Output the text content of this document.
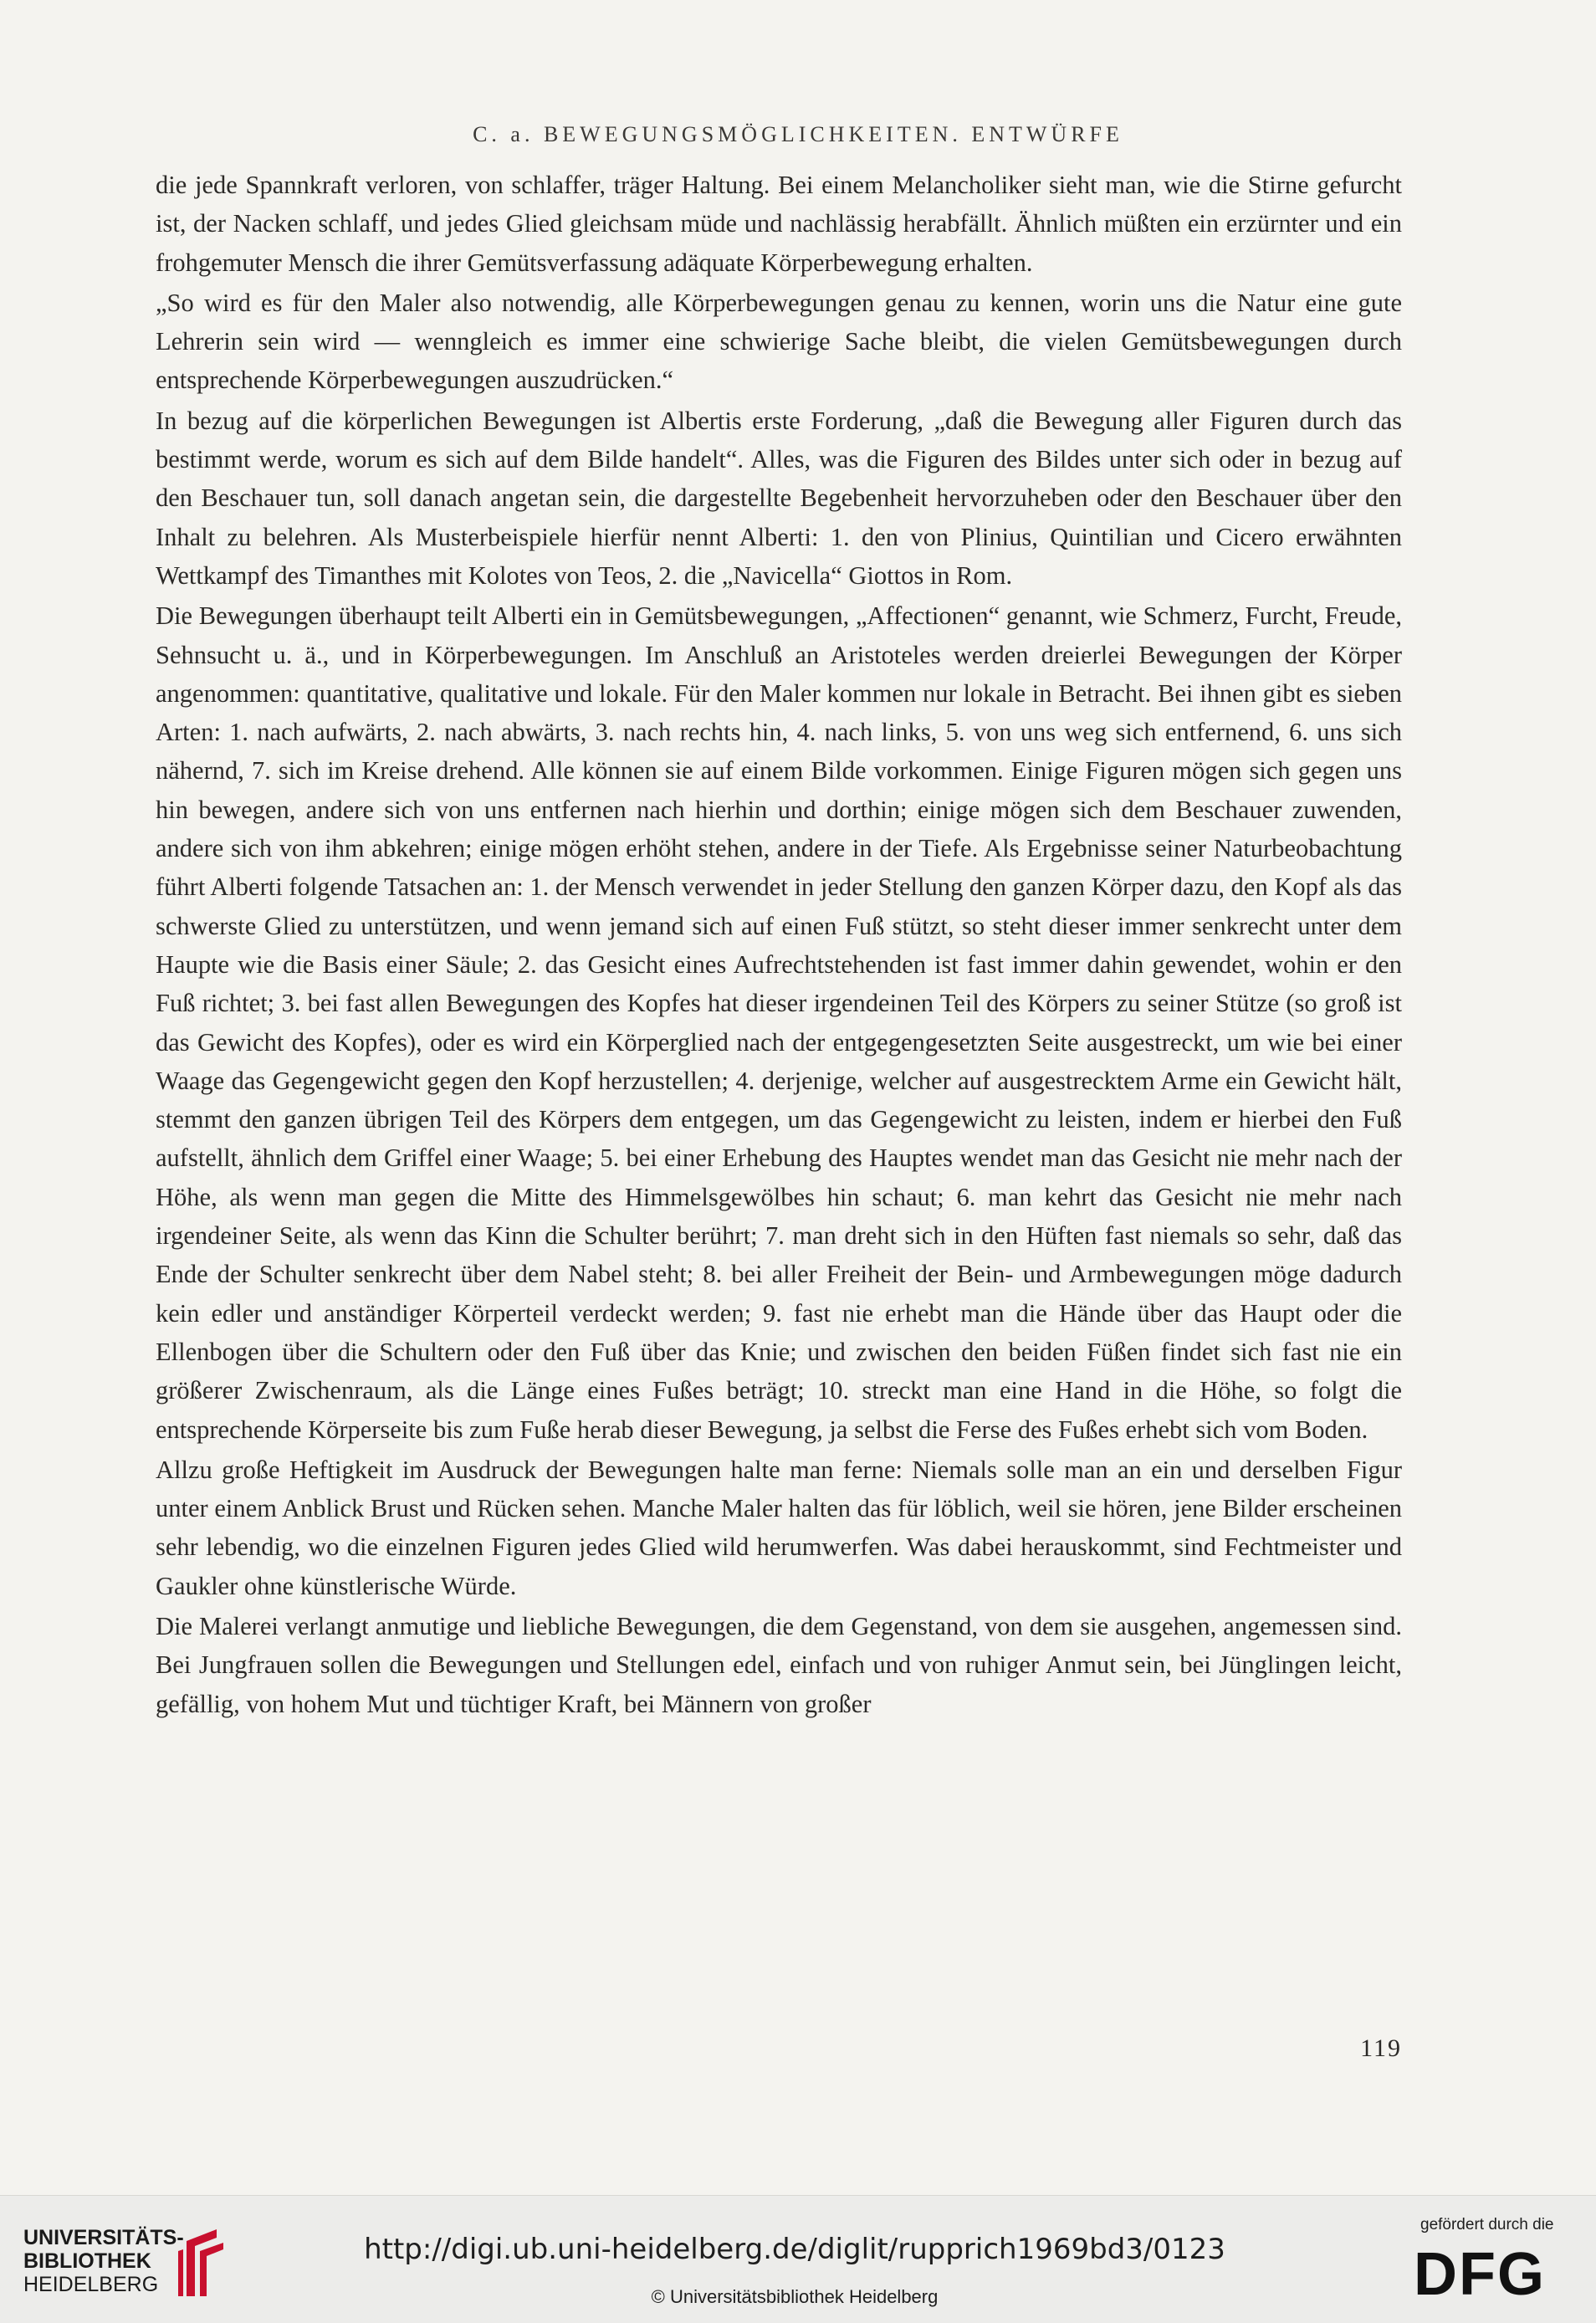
C. a. BEWEGUNGSMÖGLICHKEITEN. ENTWÜRFE

die jede Spannkraft verloren, von schlaffer, träger Haltung. Bei einem Melancholiker sieht man, wie die Stirne gefurcht ist, der Nacken schlaff, und jedes Glied gleichsam müde und nachlässig herabfällt. Ähnlich müßten ein erzürnter und ein frohgemuter Mensch die ihrer Gemütsverfassung adäquate Körperbewegung erhalten.

„So wird es für den Maler also notwendig, alle Körperbewegungen genau zu kennen, worin uns die Natur eine gute Lehrerin sein wird — wenngleich es immer eine schwierige Sache bleibt, die vielen Gemütsbewegungen durch entsprechende Körperbewegungen auszudrücken.“

In bezug auf die körperlichen Bewegungen ist Albertis erste Forderung, „daß die Bewegung aller Figuren durch das bestimmt werde, worum es sich auf dem Bilde handelt“. Alles, was die Figuren des Bildes unter sich oder in bezug auf den Beschauer tun, soll danach angetan sein, die dargestellte Begebenheit hervorzuheben oder den Beschauer über den Inhalt zu belehren. Als Musterbeispiele hierfür nennt Alberti: 1. den von Plinius, Quintilian und Cicero erwähnten Wettkampf des Timanthes mit Kolotes von Teos, 2. die „Navicella“ Giottos in Rom.

Die Bewegungen überhaupt teilt Alberti ein in Gemütsbewegungen, „Affectionen“ genannt, wie Schmerz, Furcht, Freude, Sehnsucht u. ä., und in Körperbewegungen. Im Anschluß an Aristoteles werden dreierlei Bewegungen der Körper angenommen: quantitative, qualitative und lokale. Für den Maler kommen nur lokale in Betracht. Bei ihnen gibt es sieben Arten: 1. nach aufwärts, 2. nach abwärts, 3. nach rechts hin, 4. nach links, 5. von uns weg sich entfernend, 6. uns sich nähernd, 7. sich im Kreise drehend. Alle können sie auf einem Bilde vorkommen. Einige Figuren mögen sich gegen uns hin bewegen, andere sich von uns entfernen nach hierhin und dorthin; einige mögen sich dem Beschauer zuwenden, andere sich von ihm abkehren; einige mögen erhöht stehen, andere in der Tiefe. Als Ergebnisse seiner Naturbeobachtung führt Alberti folgende Tatsachen an: 1. der Mensch verwendet in jeder Stellung den ganzen Körper dazu, den Kopf als das schwerste Glied zu unterstützen, und wenn jemand sich auf einen Fuß stützt, so steht dieser immer senkrecht unter dem Haupte wie die Basis einer Säule; 2. das Gesicht eines Aufrechtstehenden ist fast immer dahin gewendet, wohin er den Fuß richtet; 3. bei fast allen Bewegungen des Kopfes hat dieser irgendeinen Teil des Körpers zu seiner Stütze (so groß ist das Gewicht des Kopfes), oder es wird ein Körperglied nach der entgegengesetzten Seite ausgestreckt, um wie bei einer Waage das Gegengewicht gegen den Kopf herzustellen; 4. derjenige, welcher auf ausgestrecktem Arme ein Gewicht hält, stemmt den ganzen übrigen Teil des Körpers dem entgegen, um das Gegengewicht zu leisten, indem er hierbei den Fuß aufstellt, ähnlich dem Griffel einer Waage; 5. bei einer Erhebung des Hauptes wendet man das Gesicht nie mehr nach der Höhe, als wenn man gegen die Mitte des Himmelsgewölbes hin schaut; 6. man kehrt das Gesicht nie mehr nach irgendeiner Seite, als wenn das Kinn die Schulter berührt; 7. man dreht sich in den Hüften fast niemals so sehr, daß das Ende der Schulter senkrecht über dem Nabel steht; 8. bei aller Freiheit der Bein- und Armbewegungen möge dadurch kein edler und anständiger Körperteil verdeckt werden; 9. fast nie erhebt man die Hände über das Haupt oder die Ellenbogen über die Schultern oder den Fuß über das Knie; und zwischen den beiden Füßen findet sich fast nie ein größerer Zwischenraum, als die Länge eines Fußes beträgt; 10. streckt man eine Hand in die Höhe, so folgt die entsprechende Körperseite bis zum Fuße herab dieser Bewegung, ja selbst die Ferse des Fußes erhebt sich vom Boden.

Allzu große Heftigkeit im Ausdruck der Bewegungen halte man ferne: Niemals solle man an ein und derselben Figur unter einem Anblick Brust und Rücken sehen. Manche Maler halten das für löblich, weil sie hören, jene Bilder erscheinen sehr lebendig, wo die einzelnen Figuren jedes Glied wild herumwerfen. Was dabei herauskommt, sind Fechtmeister und Gaukler ohne künstlerische Würde.

Die Malerei verlangt anmutige und liebliche Bewegungen, die dem Gegenstand, von dem sie ausgehen, angemessen sind. Bei Jungfrauen sollen die Bewegungen und Stellungen edel, einfach und von ruhiger Anmut sein, bei Jünglingen leicht, gefällig, von hohem Mut und tüchtiger Kraft, bei Männern von großer

119
UNIVERSITÄTS-
BIBLIOTHEK
HEIDELBERG
http://digi.ub.uni-heidelberg.de/diglit/rupprich1969bd3/0123
© Universitätsbibliothek Heidelberg
gefördert durch die
DFG
